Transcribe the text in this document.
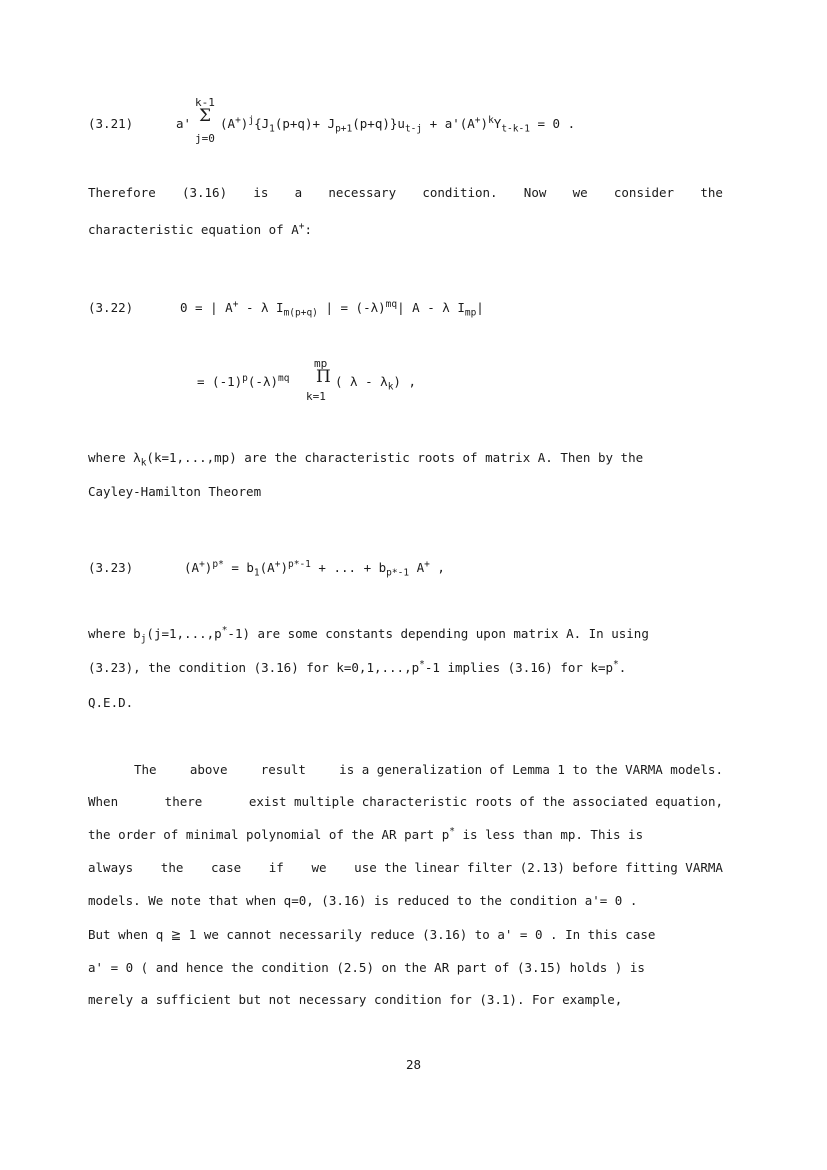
(3.21)
k-1
Σ
j=0
a' $(A^+)^j\{J_1(p+q)+ J_{p+1}(p+q)\}u_{t-j} + a'(A^+)^kY_{t-k-1} = 0$ .
Therefore (3.16) is a necessary condition. Now we consider the
characteristic equation of A+:
(3.22)	0 = | A+ - λ $I_{m(p+q)}$ | = $(-\lambda)^{mq}|$ A - λ $I_{mp}|$
= $(-1)^p(-\lambda)^{mq}$
mp
Π
k=1
( λ - $\lambda_k$) ,
where $\lambda_k(k=1,...,mp)$ are the characteristic roots of matrix A. Then by the
Cayley-Hamilton Theorem
(3.23)	$(A^+)^{p*} = b_1(A^+)^{p*-1}$ + ... + $b_{p*-1}$ A+ ,
where $b_j(j=1,...,p^*-1)$ are some constants depending upon matrix A. In using
(3.23), the condition (3.16) for k=0,1,...,p*-1 implies (3.16) for k=p*.
Q.E.D.
The	above	result	is a generalization of Lemma 1 to the VARMA models.
When	there	exist multiple characteristic roots of the associated equation,
the order of minimal polynomial of the AR part p* is less than mp. This is
always the case if we use the linear filter (2.13) before fitting VARMA
models. We note that when q=0, (3.16) is reduced to the condition a'= 0 .
But when q ≧ 1 we cannot necessarily reduce (3.16) to a' = 0 . In this case
a' = 0 ( and hence the condition (2.5) on the AR part of (3.15) holds ) is
merely a sufficient but not necessary condition for (3.1). For example,
28
